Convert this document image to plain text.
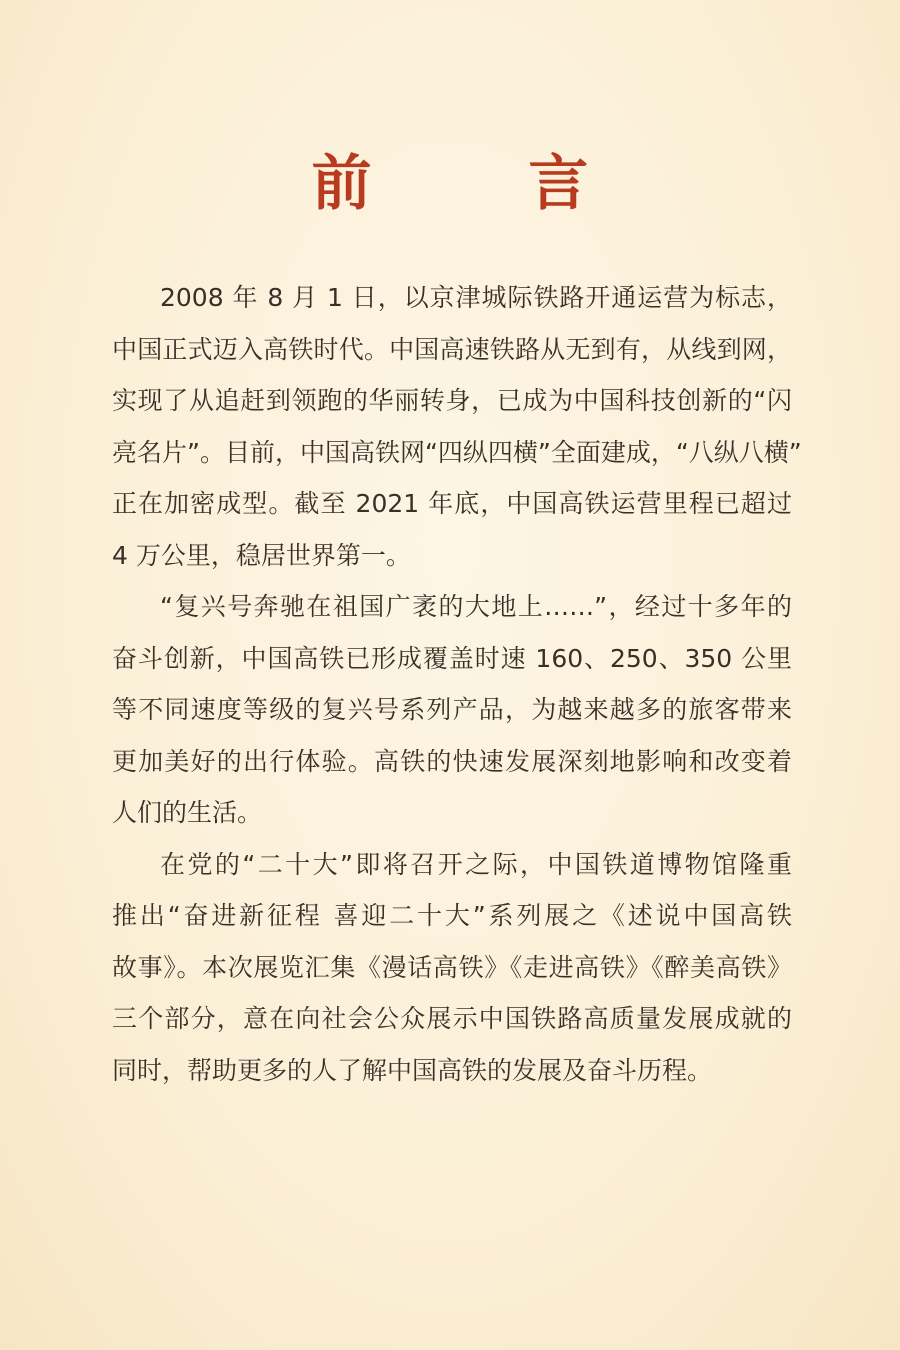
前 言

2008 年 8 月 1 日，以京津城际铁路开通运营为标志，
中国正式迈入高铁时代。中国高速铁路从无到有，从线到网，
实现了从追赶到领跑的华丽转身，已成为中国科技创新的“闪
亮名片”。目前，中国高铁网“四纵四横”全面建成，“八纵八横”
正在加密成型。截至 2021 年底，中国高铁运营里程已超过
4 万公里，稳居世界第一。

“复兴号奔驰在祖国广袤的大地上……”，经过十多年的
奋斗创新，中国高铁已形成覆盖时速 160、250、350 公里
等不同速度等级的复兴号系列产品，为越来越多的旅客带来
更加美好的出行体验。高铁的快速发展深刻地影响和改变着
人们的生活。

在党的“二十大”即将召开之际，中国铁道博物馆隆重
推出“奋进新征程 喜迎二十大”系列展之《述说中国高铁
故事》。本次展览汇集《漫话高铁》《走进高铁》《醉美高铁》
三个部分，意在向社会公众展示中国铁路高质量发展成就的
同时，帮助更多的人了解中国高铁的发展及奋斗历程。
